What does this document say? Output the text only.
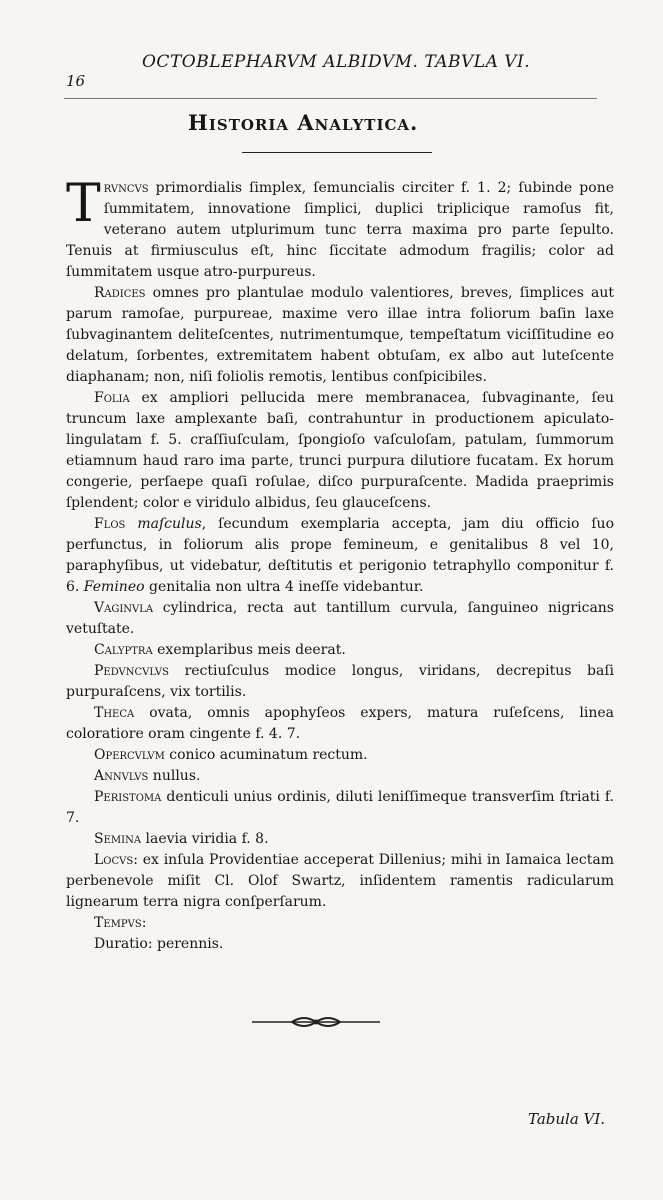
16
OCTOBLEPHARVM ALBIDVM. TABVLA VI.
Historia Analytica.

Trvncvs primordialis ſimplex, ſemuncialis circiter f. 1. 2; ſubinde pone ſummitatem, innovatione ſimplici, duplici triplicique ramoſus fit, veterano autem utplurimum tunc terra maxima pro parte ſepulto. Tenuis at firmiusculus eſt, hinc ſiccitate admodum fragilis; color ad ſummitatem usque atro-purpureus.

Radices omnes pro plantulae modulo valentiores, breves, ſimplices aut parum ramoſae, purpureae, maxime vero illae intra foliorum baſin laxe ſubvaginantem deliteſcentes, nutrimentumque, tempeſtatum viciſſitudine eo delatum, ſorbentes, extremitatem habent obtuſam, ex albo aut luteſcente diaphanam; non, niſi foliolis remotis, lentibus conſpicibiles.

Folia ex ampliori pellucida mere membranacea, ſubvaginante, ſeu truncum laxe amplexante baſi, contrahuntur in productionem apiculato-lingulatam f. 5. craſſiuſculam, ſpongioſo vaſculoſam, patulam, ſummorum etiamnum haud raro ima parte, trunci purpura dilutiore fucatam. Ex horum congerie, perſaepe quaſi roſulae, diſco purpuraſcente. Madida praeprimis ſplendent; color e viridulo albidus, ſeu glauceſcens.

Flos maſculus, ſecundum exemplaria accepta, jam diu officio ſuo perfunctus, in foliorum alis prope femineum, e genitalibus 8 vel 10, paraphyſibus, ut videbatur, deſtitutis et perigonio tetraphyllo componitur f. 6. Femineo genitalia non ultra 4 ineſſe videbantur.

Vaginvla cylindrica, recta aut tantillum curvula, ſanguineo nigricans vetuſtate.

Calyptra exemplaribus meis deerat.

Pedvncvlvs rectiuſculus modice longus, viridans, decrepitus baſi purpuraſcens, vix tortilis.

Theca ovata, omnis apophyſeos expers, matura ruſeſcens, linea coloratiore oram cingente f. 4. 7.

Opercvlvm conico acuminatum rectum.

Annvlvs nullus.

Peristoma denticuli unius ordinis, diluti leniſſimeque transverſim ſtriati f. 7.

Semina laevia viridia f. 8.

Locvs: ex inſula Providentiae acceperat Dillenius; mihi in Iamaica lectam perbenevole miſit Cl. Olof Swartz, inſidentem ramentis radicularum lignearum terra nigra conſperſarum.

Tempvs:

Duratio: perennis.

Tabula VI.
